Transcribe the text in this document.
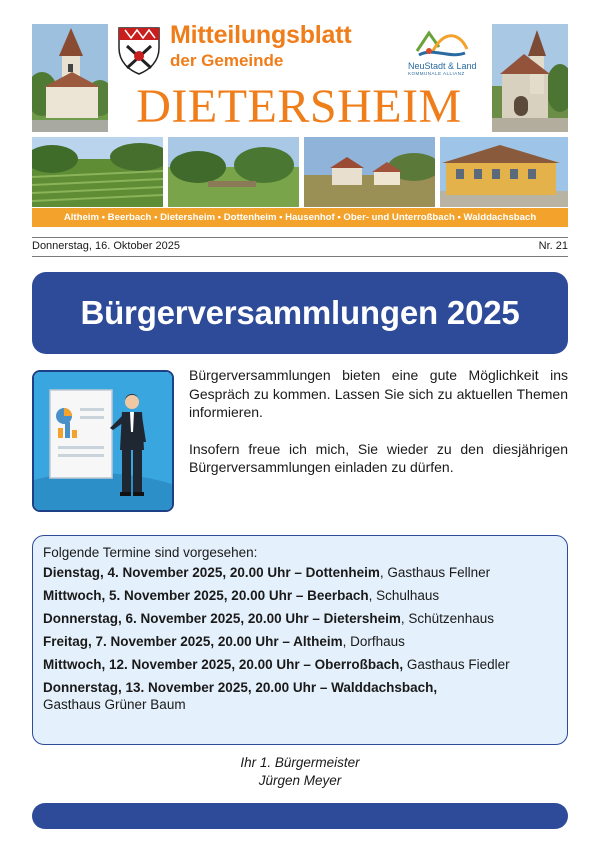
Mitteilungsblatt
der Gemeinde	NeuStadt & Land
KOMMUNALE ALLIANZ
DIETERSHEIM
Altheim • Beerbach • Dietersheim • Dottenheim • Hausenhof • Ober- und Unterroßbach • Walddachsbach
Donnerstag, 16. Oktober 2025	Nr. 21
Bürgerversammlungen 2025

Bürgerversammlungen bieten eine gute Möglichkeit ins Gespräch zu kommen. Lassen Sie sich zu aktuellen Themen informieren.

Insofern freue ich mich, Sie wieder zu den diesjährigen Bürgerversammlungen einladen zu dürfen.

Folgende Termine sind vorgesehen:
Dienstag, 4. November 2025, 20.00 Uhr – Dottenheim, Gasthaus Fellner
Mittwoch, 5. November 2025, 20.00 Uhr – Beerbach, Schulhaus
Donnerstag, 6. November 2025, 20.00 Uhr – Dietersheim, Schützenhaus
Freitag, 7. November 2025, 20.00 Uhr – Altheim, Dorfhaus
Mittwoch, 12. November 2025, 20.00 Uhr – Oberroßbach, Gasthaus Fiedler
Donnerstag, 13. November 2025, 20.00 Uhr – Walddachsbach,
Gasthaus Grüner Baum
Ihr 1. Bürgermeister
Jürgen Meyer
